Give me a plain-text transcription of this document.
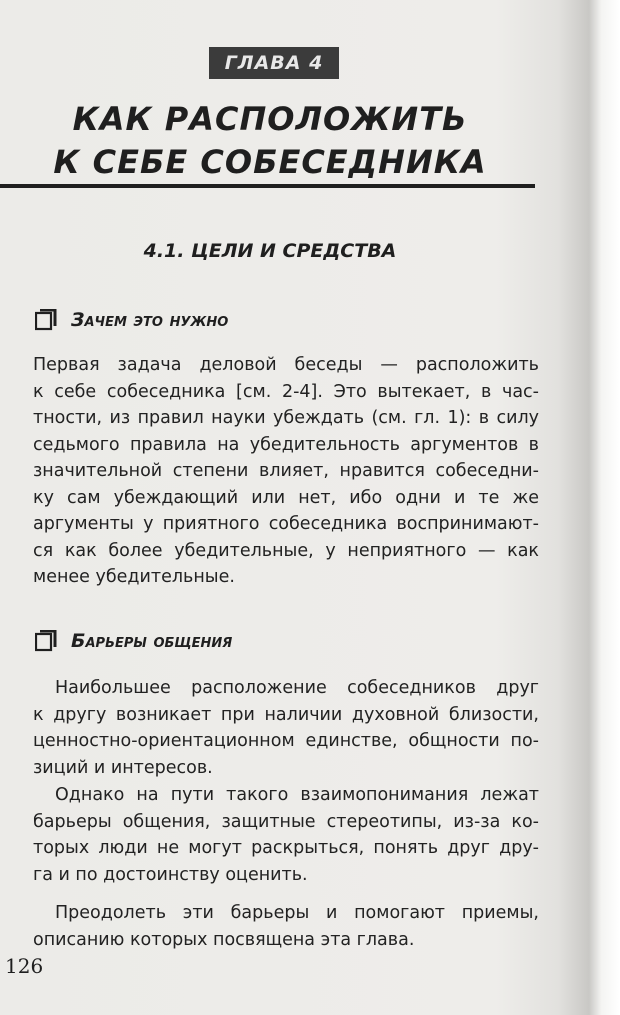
ГЛАВА 4
КАК РАСПОЛОЖИТЬ
К СЕБЕ СОБЕСЕДНИКА
4.1. ЦЕЛИ И СРЕДСТВА
Зачем это нужно
Первая задача деловой беседы — расположить
к себе собеседника [см. 2-4]. Это вытекает, в час-
тности, из правил науки убеждать (см. гл. 1): в силу
седьмого правила на убедительность аргументов в
значительной степени влияет, нравится собеседни-
ку сам убеждающий или нет, ибо одни и те же
аргументы у приятного собеседника воспринимают-
ся как более убедительные, у неприятного — как
менее убедительные.
Барьеры общения
Наибольшее расположение собеседников друг
к другу возникает при наличии духовной близости,
ценностно-ориентационном единстве, общности по-
зиций и интересов.
Однако на пути такого взаимопонимания лежат
барьеры общения, защитные стереотипы, из-за ко-
торых люди не могут раскрыться, понять друг дру-
га и по достоинству оценить.
Преодолеть эти барьеры и помогают приемы,
описанию которых посвящена эта глава.
126
